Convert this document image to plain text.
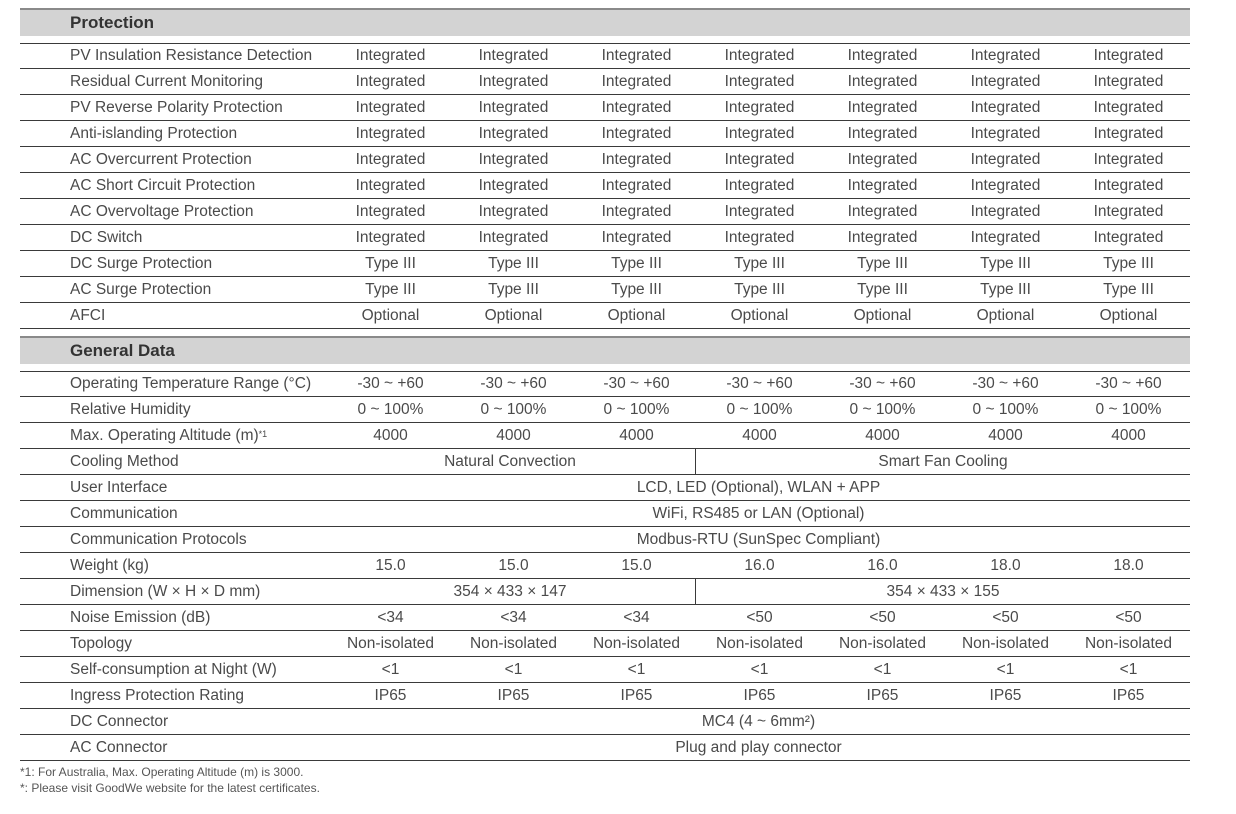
Protection
PV Insulation Resistance Detection	Integrated	Integrated	Integrated	Integrated	Integrated	Integrated	Integrated
Residual Current Monitoring	Integrated	Integrated	Integrated	Integrated	Integrated	Integrated	Integrated
PV Reverse Polarity Protection	Integrated	Integrated	Integrated	Integrated	Integrated	Integrated	Integrated
Anti-islanding Protection	Integrated	Integrated	Integrated	Integrated	Integrated	Integrated	Integrated
AC Overcurrent Protection	Integrated	Integrated	Integrated	Integrated	Integrated	Integrated	Integrated
AC Short Circuit Protection	Integrated	Integrated	Integrated	Integrated	Integrated	Integrated	Integrated
AC Overvoltage Protection	Integrated	Integrated	Integrated	Integrated	Integrated	Integrated	Integrated
DC Switch	Integrated	Integrated	Integrated	Integrated	Integrated	Integrated	Integrated
DC Surge Protection	Type III	Type III	Type III	Type III	Type III	Type III	Type III
AC Surge Protection	Type III	Type III	Type III	Type III	Type III	Type III	Type III
AFCI	Optional	Optional	Optional	Optional	Optional	Optional	Optional
General Data
Operating Temperature Range (°C)	-30 ~ +60	-30 ~ +60	-30 ~ +60	-30 ~ +60	-30 ~ +60	-30 ~ +60	-30 ~ +60
Relative Humidity	0 ~ 100%	0 ~ 100%	0 ~ 100%	0 ~ 100%	0 ~ 100%	0 ~ 100%	0 ~ 100%
Max. Operating Altitude $(m)^{*1}$	4000	4000	4000	4000	4000	4000	4000
Cooling Method	Natural Convection	Smart Fan Cooling
User Interface	LCD, LED (Optional), WLAN + APP
Communication	WiFi, RS485 or LAN (Optional)
Communication Protocols	Modbus-RTU (SunSpec Compliant)
Weight (kg)	15.0	15.0	15.0	16.0	16.0	18.0	18.0
Dimension (W × H × D mm)	354 × 433 × 147	354 × 433 × 155
Noise Emission (dB)	<34	<34	<34	<50	<50	<50	<50
Topology	Non-isolated	Non-isolated	Non-isolated	Non-isolated	Non-isolated	Non-isolated	Non-isolated
Self-consumption at Night (W)	<1	<1	<1	<1	<1	<1	<1
Ingress Protection Rating	IP65	IP65	IP65	IP65	IP65	IP65	IP65
DC Connector	MC4 (4 ~ 6mm²)
AC Connector	Plug and play connector
*1: For Australia, Max. Operating Altitude (m) is 3000.
*: Please visit GoodWe website for the latest certificates.
